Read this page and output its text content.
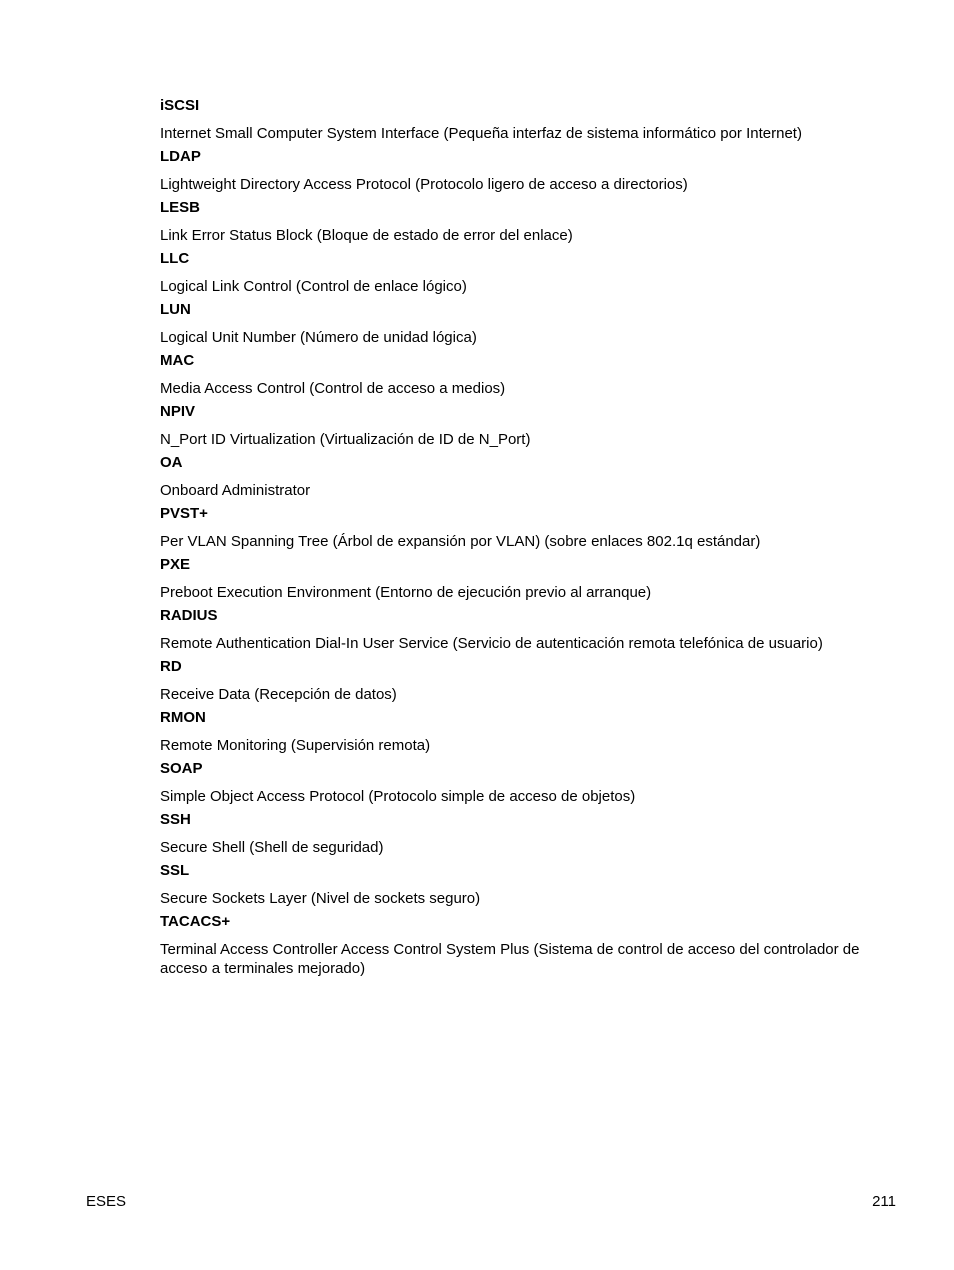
iSCSI

Internet Small Computer System Interface (Pequeña interfaz de sistema informático por Internet)

LDAP

Lightweight Directory Access Protocol (Protocolo ligero de acceso a directorios)

LESB

Link Error Status Block (Bloque de estado de error del enlace)

LLC

Logical Link Control (Control de enlace lógico)

LUN

Logical Unit Number (Número de unidad lógica)

MAC

Media Access Control (Control de acceso a medios)

NPIV

N_Port ID Virtualization (Virtualización de ID de N_Port)

OA

Onboard Administrator

PVST+

Per VLAN Spanning Tree (Árbol de expansión por VLAN) (sobre enlaces 802.1q estándar)

PXE

Preboot Execution Environment (Entorno de ejecución previo al arranque)

RADIUS

Remote Authentication Dial-In User Service (Servicio de autenticación remota telefónica de usuario)

RD

Receive Data (Recepción de datos)

RMON

Remote Monitoring (Supervisión remota)

SOAP

Simple Object Access Protocol (Protocolo simple de acceso de objetos)

SSH

Secure Shell (Shell de seguridad)

SSL

Secure Sockets Layer (Nivel de sockets seguro)

TACACS+

Terminal Access Controller Access Control System Plus (Sistema de control de acceso del controlador de acceso a terminales mejorado)

ESES	211
